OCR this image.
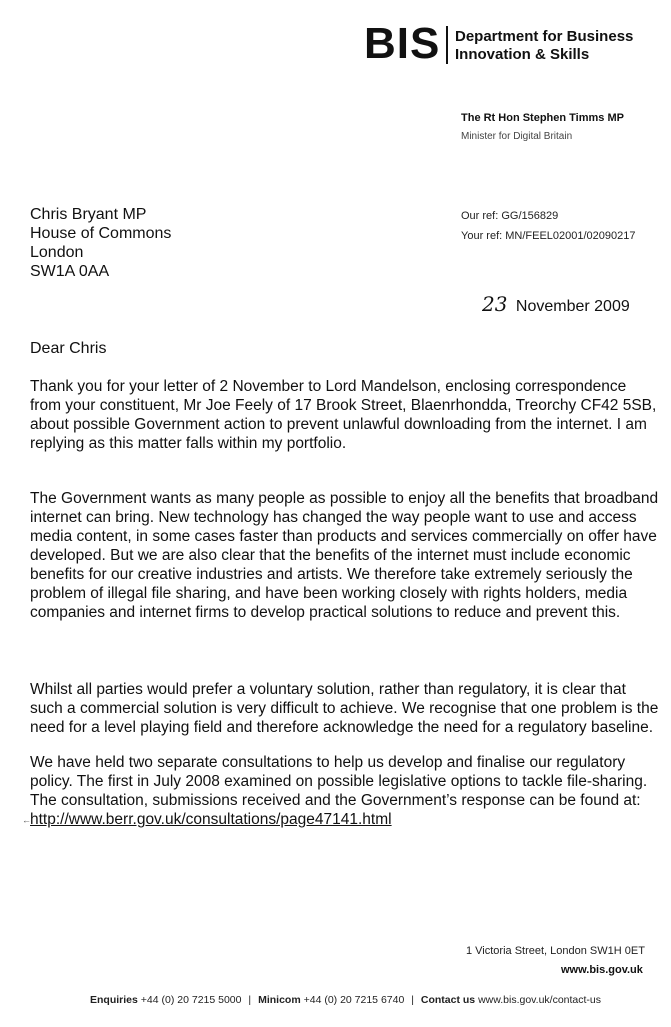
BIS Department for Business
Innovation & Skills
The Rt Hon Stephen Timms MP
Minister for Digital Britain
Chris Bryant MP
House of Commons
London
SW1A 0AA
Our ref: GG/156829
Your ref: MN/FEEL02001/02090217
23 November 2009
Dear Chris
Thank you for your letter of 2 November to Lord Mandelson, enclosing correspondence from your constituent, Mr Joe Feely of 17 Brook Street, Blaenrhondda, Treorchy CF42 5SB, about possible Government action to prevent unlawful downloading from the internet. I am replying as this matter falls within my portfolio.
The Government wants as many people as possible to enjoy all the benefits that broadband internet can bring. New technology has changed the way people want to use and access media content, in some cases faster than products and services commercially on offer have developed. But we are also clear that the benefits of the internet must include economic benefits for our creative industries and artists. We therefore take extremely seriously the problem of illegal file sharing, and have been working closely with rights holders, media companies and internet firms to develop practical solutions to reduce and prevent this.
Whilst all parties would prefer a voluntary solution, rather than regulatory, it is clear that such a commercial solution is very difficult to achieve. We recognise that one problem is the need for a level playing field and therefore acknowledge the need for a regulatory baseline.
We have held two separate consultations to help us develop and finalise our regulatory policy. The first in July 2008 examined on possible legislative options to tackle file-sharing. The consultation, submissions received and the Government’s response can be found at:
http://www.berr.gov.uk/consultations/page47141.html
←
1 Victoria Street, London SW1H 0ET
www.bis.gov.uk
Enquiries +44 (0) 20 7215 5000 | Minicom +44 (0) 20 7215 6740 | Contact us www.bis.gov.uk/contact-us
